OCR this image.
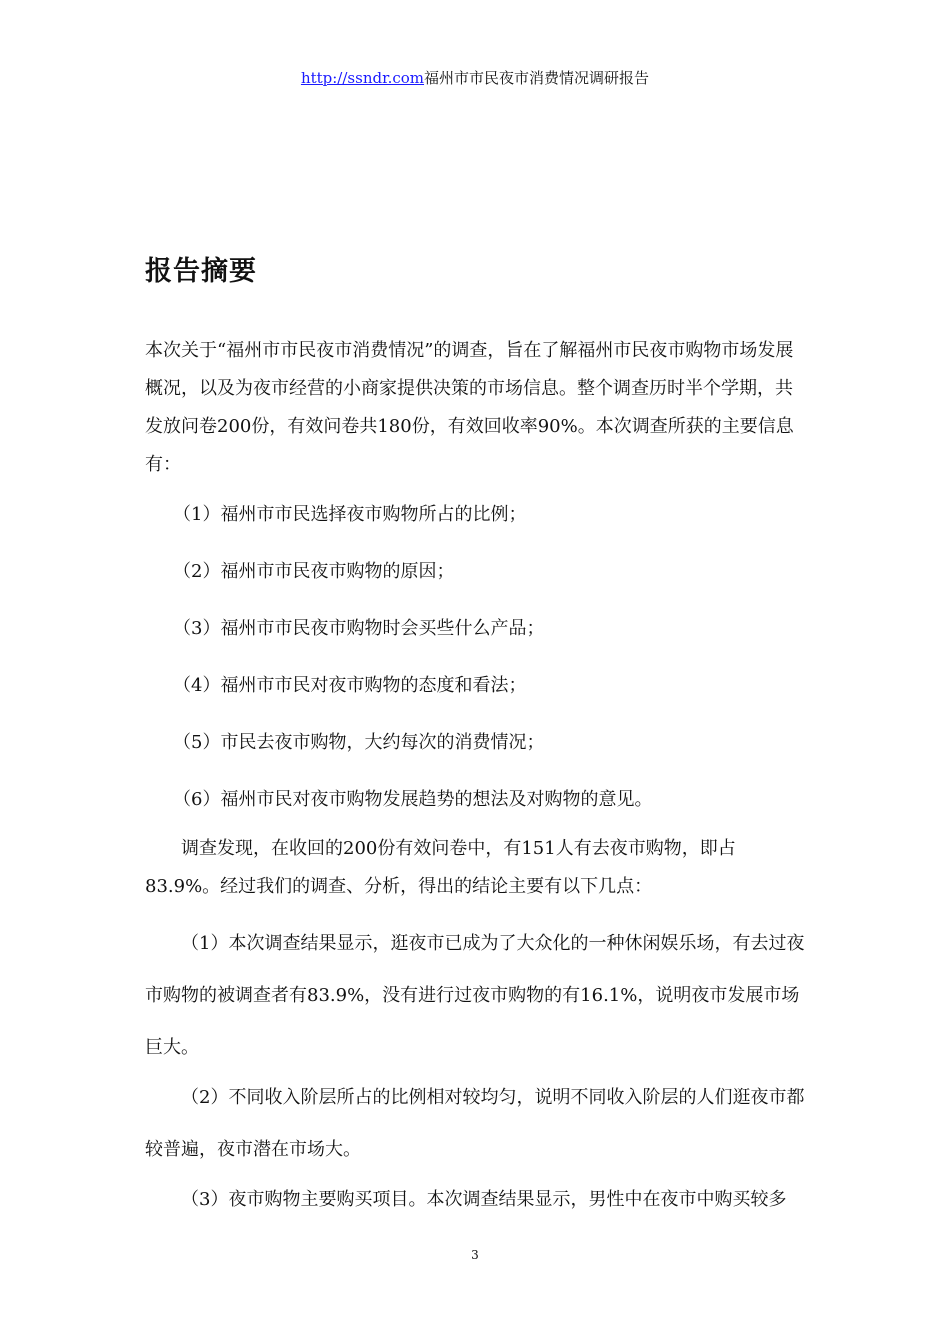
http://ssndr.com福州市市民夜市消费情况调研报告
报告摘要
本次关于“福州市市民夜市消费情况”的调查，旨在了解福州市民夜市购物市场发展概况，以及为夜市经营的小商家提供决策的市场信息。整个调查历时半个学期，共发放问卷200份，有效问卷共180份，有效回收率90%。本次调查所获的主要信息有：
（1）福州市市民选择夜市购物所占的比例；
（2）福州市市民夜市购物的原因；
（3）福州市市民夜市购物时会买些什么产品；
（4）福州市市民对夜市购物的态度和看法；
（5）市民去夜市购物，大约每次的消费情况；
（6）福州市民对夜市购物发展趋势的想法及对购物的意见。

调查发现，在收回的200份有效问卷中，有151人有去夜市购物，即占83.9%。经过我们的调查、分析，得出的结论主要有以下几点：

（1）本次调查结果显示，逛夜市已成为了大众化的一种休闲娱乐场，有去过夜市购物的被调查者有83.9%，没有进行过夜市购物的有16.1%，说明夜市发展市场巨大。
（2）不同收入阶层所占的比例相对较均匀，说明不同收入阶层的人们逛夜市都较普遍，夜市潜在市场大。
（3）夜市购物主要购买项目。本次调查结果显示，男性中在夜市中购买较多
3
